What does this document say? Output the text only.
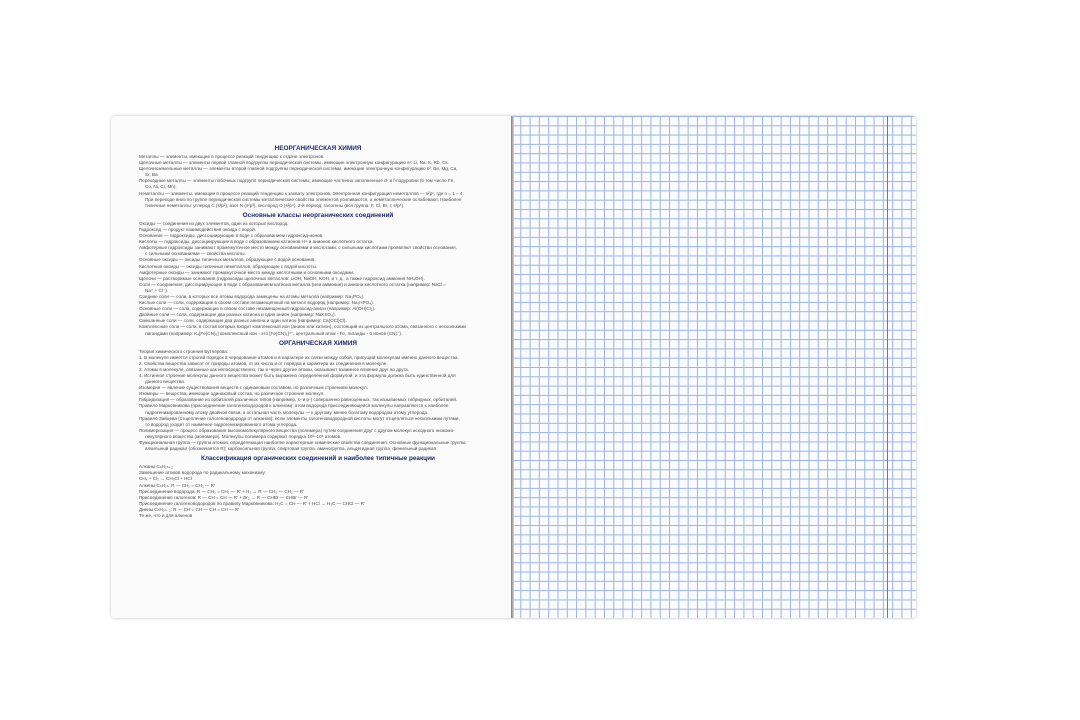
НЕОРГАНИЧЕСКАЯ ХИМИЯ
Металлы — элементы, имеющие в процессе реакций тенденцию к отдаче электронов.
Щелочные металлы — элементы первой главной подгруппы периодической системы, имеющие электронную конфигурацию s¹: Li, Na, K, Rb, Cs.
Щелочноземельные металлы — элементы второй главной подгруппы периодической системы, имеющие электронную конфигурацию s²: Be, Mg, Ca,
Sr, Ba.
Переходные металлы — элементы побочных подгрупп периодической системы, имеющие частично заполненные d- и f-подуровни (в том числе Fe,
Co, Ni, Cr, Mn).
Неметаллы — элементы, имеющие в процессе реакций тенденцию к захвату электронов. Электронная конфигурация неметаллов — s²pⁿ, где n = 1 – 4.
При переходе вниз по группе периодической системы металлические свойства элементов усиливаются, а неметаллические ослабевают. Наиболее
типичные неметаллы: углерод C (s²p²), азот N (s²p³), кислород O (s²p⁴), 2-й период: галогены (вся группа: F, Cl, Br, I; s²p⁵).
Основные классы неорганических соединений
Оксиды — соединения из двух элементов, один из которых кислород.
Гидроксид — продукт взаимодействия оксида с водой.
Основания — гидроксиды, диссоциирующие в воде с образованием гидроксид-ионов.
Кислоты — гидроксиды, диссоциирующие в воде с образованием катионов H+ и анионов кислотного остатка.
Амфотерные гидроксиды занимают промежуточное место между основаниями и кислотами: с сильными кислотами проявляют свойства основания,
с сильными основаниями — свойства кислоты.
Основные оксиды — оксиды типичных металлов, образующие с водой основания.
Кислотные оксиды — оксиды типичных неметаллов, образующие с водой кислоты.
Амфотерные оксиды — занимают промежуточное место между кислотными и основными оксидами.
Щелочи — растворимые основания (гидроксиды щелочных металлов: LiOH, NaOH, KOH, и т. д., а также гидроксид аммония NH₄OH).
Соли — соединения, диссоциирующие в воде с образованием катиона металла (или аммония) и аниона кислотного остатка (например: NaCl =
Na⁺ + Cl⁻).
Средние соли — соли, в которых все атомы водорода замещены на атомы металла (например: Na₃PO₄).
Кислые соли — соли, содержащие в своем составе незамещенный на металл водород (например: Na₂HPO₄).
Основные соли — соли, содержащие в своем составе незамещенный гидроксид-анион (например: Al(OH)Cl₂).
Двойные соли — соли, содержащие два разных катиона и один анион (например: NaKSO₄).
Смешанные соли — соли, содержащие два разных аниона и один катион (например: Ca(OCl)Cl).
Комплексные соли — соли, в состав которых входит комплексный ион (анион или катион), состоящий из центрального атома, связанного с несколькими
лигандами (например: K₄[Fe(CN)₆] комплексный ион - это [Fe(CN)₆]⁴⁻, центральный атом - Fe, лиганды - 6 ионов (CN)⁻).
ОРГАНИЧЕСКАЯ ХИМИЯ
Теория химического строения Бутлерова:
1. В молекуле имеется строгий порядок в чередовании атомов и в характере их связи между собой, присущий молекулам именно данного вещества.
2. Свойства вещества зависят от природы атомов, от их числа и от порядка и характера их соединения в молекуле.
3. Атомы в молекуле, связанные как непосредственно, так и через другие атомы, оказывают взаимное влияние друг на друга.
4. Истинное строение молекулы данного вещества может быть выражено определенной формулой, и эта формула должна быть единственной для
данного вещества.
Изомерия — явление существования веществ с одинаковым составом, но различным строением молекул.
Изомеры — вещества, имеющие одинаковый состав, но различное строение молекул.
Гибридизация — образование из орбиталей различных типов (например, s- и p-) совершенно равноценных, так называемых гибридных, орбиталей.
Правило Марковникова (присоединение галогеноводородов к алкенам): атом водорода присоединяющейся молекулы направляется к наиболее
гидрогенизированному атому двойной связи, а остальная часть молекулы — к другому, менее богатому водородом атому углерода.
Правило Зайцева (отщепление галогеноводорода от алканов): если элементы галогеноводородной кислоты могут отщепляться несколькими путями,
то водород уходит от наименее гидрогенизированного атома углерода.
Полимеризация — процесс образования высокомолекулярного вещества (полимера) путем соединения друг с другом молекул исходного низкомо-
лекулярного вещества (мономера). Молекулы полимера содержат порядка 10³–10⁶ атомов.
Функциональная группа — группа атомов, определяющая наиболее характерные химические свойства соединения. Основные функциональные группы:
алкильный радикал (обозначается R); карбоксильная группа, спиртовая группа, аминогруппа, альдегидная группа, фенильный радикал.
Классификация органических соединений и наиболее типичные реакции
Алканы CₙH₂ₙ₊₂
Замещение атомов водорода по радикальному механизму:
CH₄ + Cl₂ → CH₃Cl + HCl
Алкены CₙH₂ₙ: R — CH₂ = CH₂ — R'
Присоединение водорода: R — CH₂ = CH₂ — R' + H₂ → R — CH₂ — CH₂ — R'
Присоединение галогенов: R — CH = CH — R' + Br₂ → R — CHBr — CHBr — R'
Присоединение галогеноводородов по правилу Марковникова: H₂C = CH — R' + HCl → H₃C — CHCl — R'
Диены CₙH₂ₙ₋₂: R — CH = CH — CH = CH — R'
Те же, что и для алкенов
